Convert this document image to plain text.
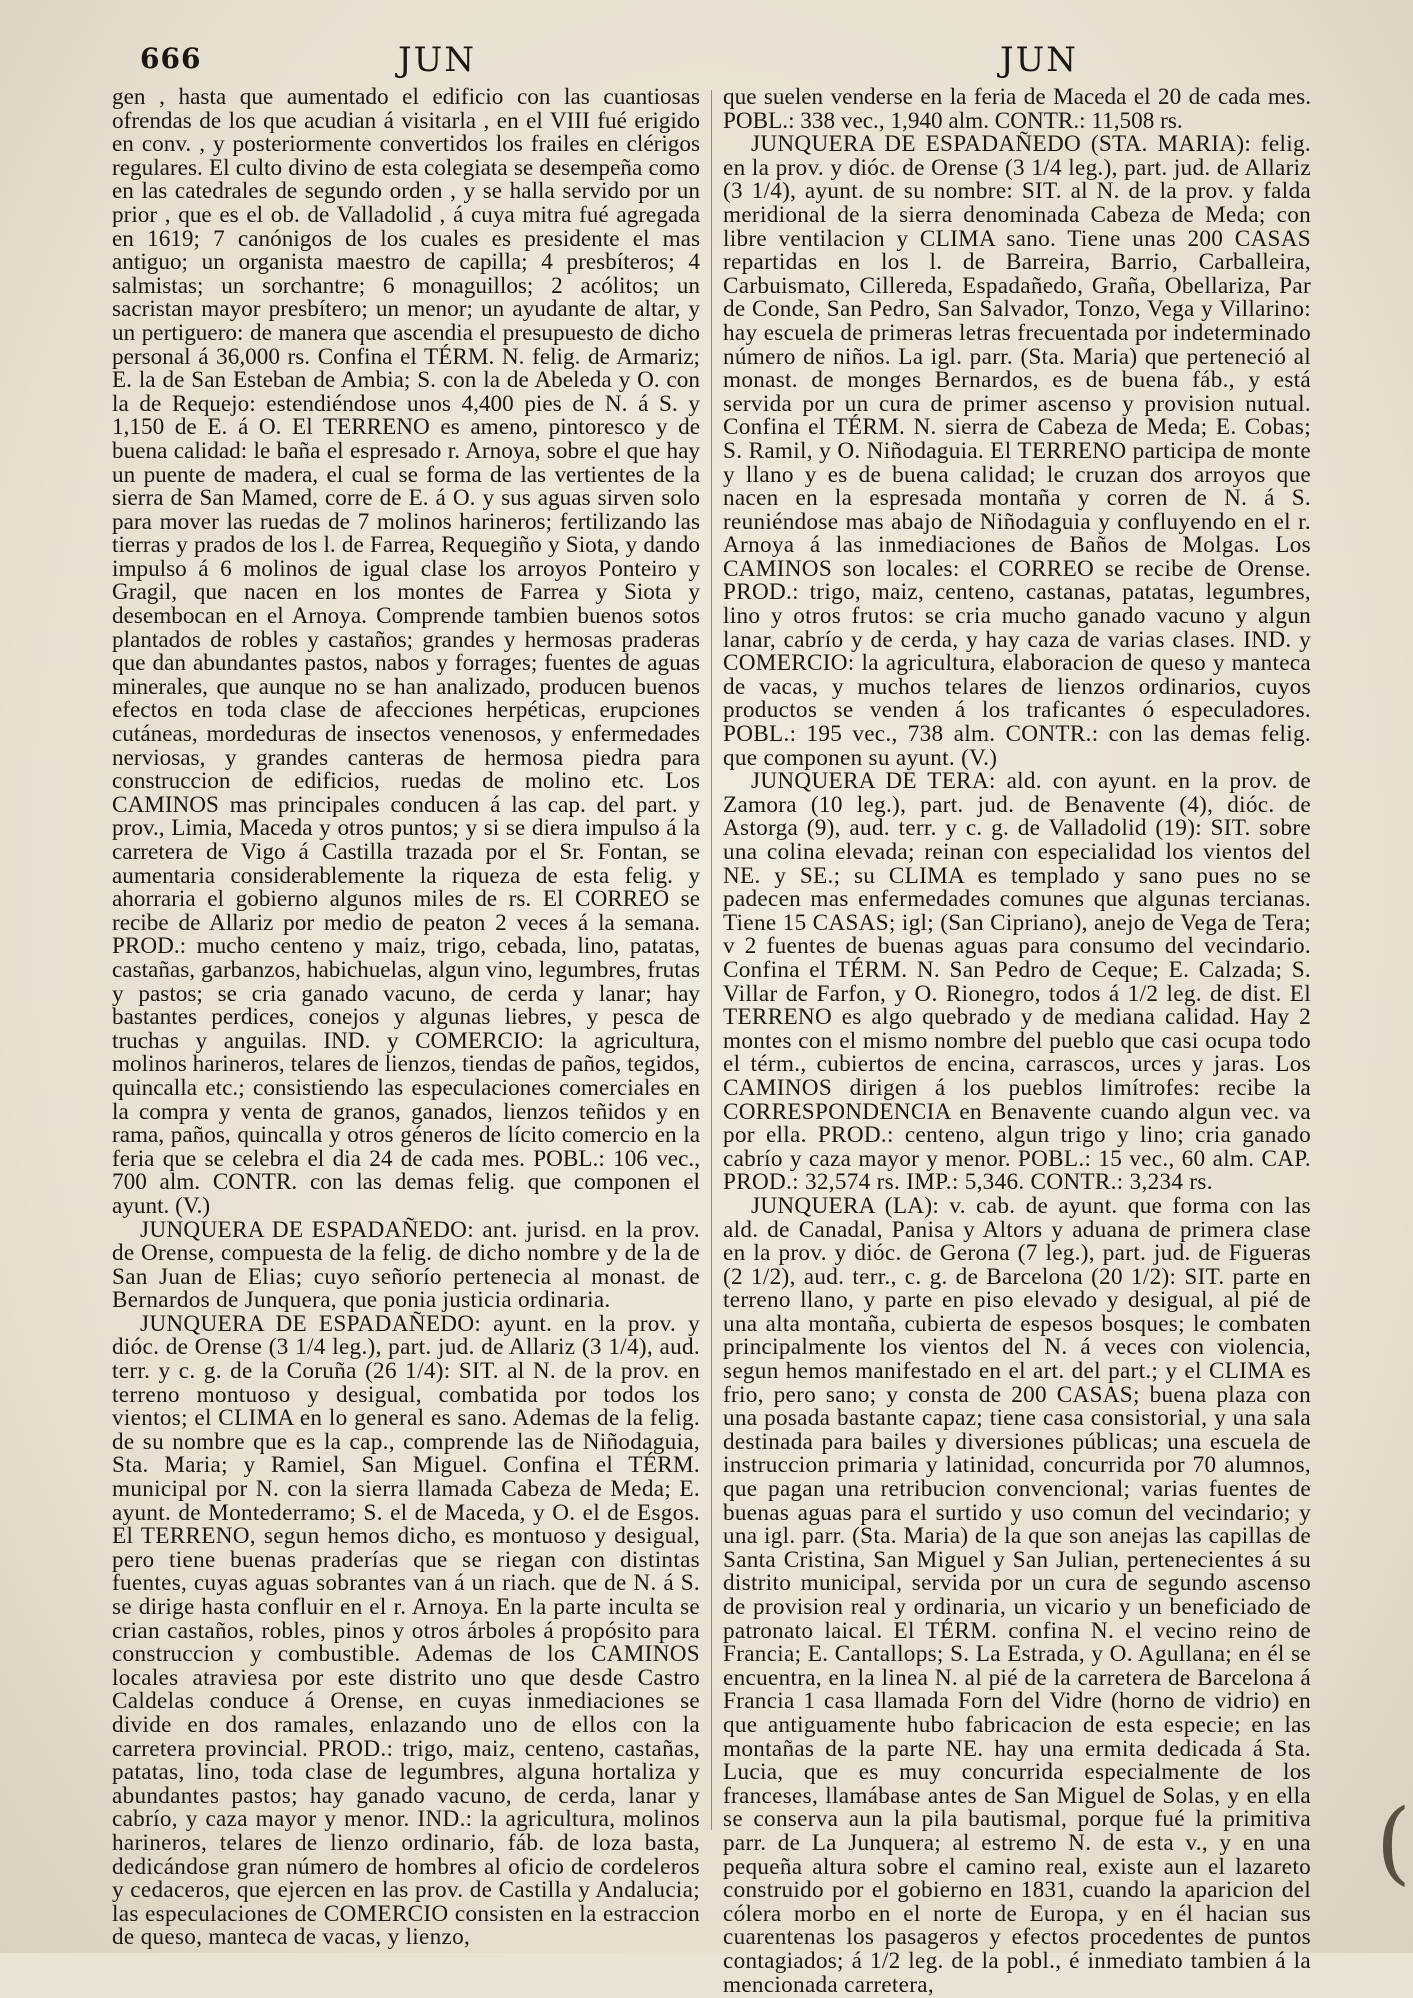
666	JUN	JUN

gen , hasta que aumentado el edificio con las cuantiosas ofrendas de los que acudian á visitarla , en el VIII fué erigido en conv. , y posteriormente convertidos los frailes en clérigos regulares. El culto divino de esta colegiata se desempeña como en las catedrales de segundo orden , y se halla servido por un prior , que es el ob. de Valladolid , á cuya mitra fué agregada en 1619; 7 canónigos de los cuales es presidente el mas antiguo; un organista maestro de capilla; 4 presbíteros; 4 salmistas; un sorchantre; 6 monaguillos; 2 acólitos; un sacristan mayor presbítero; un menor; un ayudante de altar, y un pertiguero: de manera que ascendia el presupuesto de dicho personal á 36,000 rs. Confina el TÉRM. N. felig. de Armariz; E. la de San Esteban de Ambia; S. con la de Abeleda y O. con la de Requejo: estendiéndose unos 4,400 pies de N. á S. y 1,150 de E. á O. El TERRENO es ameno, pintoresco y de buena calidad: le baña el espresado r. Arnoya, sobre el que hay un puente de madera, el cual se forma de las vertientes de la sierra de San Mamed, corre de E. á O. y sus aguas sirven solo para mover las ruedas de 7 molinos harineros; fertilizando las tierras y prados de los l. de Farrea, Requegiño y Siota, y dando impulso á 6 molinos de igual clase los arroyos Ponteiro y Gragil, que nacen en los montes de Farrea y Siota y desembocan en el Arnoya. Comprende tambien buenos sotos plantados de robles y castaños; grandes y hermosas praderas que dan abundantes pastos, nabos y forrages; fuentes de aguas minerales, que aunque no se han analizado, producen buenos efectos en toda clase de afecciones herpéticas, erupciones cutáneas, mordeduras de insectos venenosos, y enfermedades nerviosas, y grandes canteras de hermosa piedra para construccion de edificios, ruedas de molino etc. Los CAMINOS mas principales conducen á las cap. del part. y prov., Limia, Maceda y otros puntos; y si se diera impulso á la carretera de Vigo á Castilla trazada por el Sr. Fontan, se aumentaria considerablemente la riqueza de esta felig. y ahorraria el gobierno algunos miles de rs. El CORREO se recibe de Allariz por medio de peaton 2 veces á la semana. PROD.: mucho centeno y maiz, trigo, cebada, lino, patatas, castañas, garbanzos, habichuelas, algun vino, legumbres, frutas y pastos; se cria ganado vacuno, de cerda y lanar; hay bastantes perdices, conejos y algunas liebres, y pesca de truchas y anguilas. IND. y COMERCIO: la agricultura, molinos harineros, telares de lienzos, tiendas de paños, tegidos, quincalla etc.; consistiendo las especulaciones comerciales en la compra y venta de granos, ganados, lienzos teñidos y en rama, paños, quincalla y otros géneros de lícito comercio en la feria que se celebra el dia 24 de cada mes. POBL.: 106 vec., 700 alm. CONTR. con las demas felig. que componen el ayunt. (V.)

JUNQUERA DE ESPADAÑEDO: ant. jurisd. en la prov. de Orense, compuesta de la felig. de dicho nombre y de la de San Juan de Elias; cuyo señorío pertenecia al monast. de Bernardos de Junquera, que ponia justicia ordinaria.

JUNQUERA DE ESPADAÑEDO: ayunt. en la prov. y dióc. de Orense (3 1/4 leg.), part. jud. de Allariz (3 1/4), aud. terr. y c. g. de la Coruña (26 1/4): SIT. al N. de la prov. en terreno montuoso y desigual, combatida por todos los vientos; el CLIMA en lo general es sano. Ademas de la felig. de su nombre que es la cap., comprende las de Niñodaguia, Sta. Maria; y Ramiel, San Miguel. Confina el TÉRM. municipal por N. con la sierra llamada Cabeza de Meda; E. ayunt. de Montederramo; S. el de Maceda, y O. el de Esgos. El TERRENO, segun hemos dicho, es montuoso y desigual, pero tiene buenas praderías que se riegan con distintas fuentes, cuyas aguas sobrantes van á un riach. que de N. á S. se dirige hasta confluir en el r. Arnoya. En la parte inculta se crian castaños, robles, pinos y otros árboles á propósito para construccion y combustible. Ademas de los CAMINOS locales atraviesa por este distrito uno que desde Castro Caldelas conduce á Orense, en cuyas inmediaciones se divide en dos ramales, enlazando uno de ellos con la carretera provincial. PROD.: trigo, maiz, centeno, castañas, patatas, lino, toda clase de legumbres, alguna hortaliza y abundantes pastos; hay ganado vacuno, de cerda, lanar y cabrío, y caza mayor y menor. IND.: la agricultura, molinos harineros, telares de lienzo ordinario, fáb. de loza basta, dedicándose gran número de hombres al oficio de cordeleros y cedaceros, que ejercen en las prov. de Castilla y Andalucia; las especulaciones de COMERCIO consisten en la estraccion de queso, manteca de vacas, y lienzo,

que suelen venderse en la feria de Maceda el 20 de cada mes. POBL.: 338 vec., 1,940 alm. CONTR.: 11,508 rs.

JUNQUERA DE ESPADAÑEDO (STA. MARIA): felig. en la prov. y dióc. de Orense (3 1/4 leg.), part. jud. de Allariz (3 1/4), ayunt. de su nombre: SIT. al N. de la prov. y falda meridional de la sierra denominada Cabeza de Meda; con libre ventilacion y CLIMA sano. Tiene unas 200 CASAS repartidas en los l. de Barreira, Barrio, Carballeira, Carbuismato, Cillereda, Espadañedo, Graña, Obellariza, Par de Conde, San Pedro, San Salvador, Tonzo, Vega y Villarino: hay escuela de primeras letras frecuentada por indeterminado número de niños. La igl. parr. (Sta. Maria) que perteneció al monast. de monges Bernardos, es de buena fáb., y está servida por un cura de primer ascenso y provision nutual. Confina el TÉRM. N. sierra de Cabeza de Meda; E. Cobas; S. Ramil, y O. Niñodaguia. El TERRENO participa de monte y llano y es de buena calidad; le cruzan dos arroyos que nacen en la espresada montaña y corren de N. á S. reuniéndose mas abajo de Niñodaguia y confluyendo en el r. Arnoya á las inmediaciones de Baños de Molgas. Los CAMINOS son locales: el CORREO se recibe de Orense. PROD.: trigo, maiz, centeno, castanas, patatas, legumbres, lino y otros frutos: se cria mucho ganado vacuno y algun lanar, cabrío y de cerda, y hay caza de varias clases. IND. y COMERCIO: la agricultura, elaboracion de queso y manteca de vacas, y muchos telares de lienzos ordinarios, cuyos productos se venden á los traficantes ó especuladores. POBL.: 195 vec., 738 alm. CONTR.: con las demas felig. que componen su ayunt. (V.)

JUNQUERA DE TERA: ald. con ayunt. en la prov. de Zamora (10 leg.), part. jud. de Benavente (4), dióc. de Astorga (9), aud. terr. y c. g. de Valladolid (19): SIT. sobre una colina elevada; reinan con especialidad los vientos del NE. y SE.; su CLIMA es templado y sano pues no se padecen mas enfermedades comunes que algunas tercianas. Tiene 15 CASAS; igl; (San Cipriano), anejo de Vega de Tera; v 2 fuentes de buenas aguas para consumo del vecindario. Confina el TÉRM. N. San Pedro de Ceque; E. Calzada; S. Villar de Farfon, y O. Rionegro, todos á 1/2 leg. de dist. El TERRENO es algo quebrado y de mediana calidad. Hay 2 montes con el mismo nombre del pueblo que casi ocupa todo el térm., cubiertos de encina, carrascos, urces y jaras. Los CAMINOS dirigen á los pueblos limítrofes: recibe la CORRESPONDENCIA en Benavente cuando algun vec. va por ella. PROD.: centeno, algun trigo y lino; cria ganado cabrío y caza mayor y menor. POBL.: 15 vec., 60 alm. CAP. PROD.: 32,574 rs. IMP.: 5,346. CONTR.: 3,234 rs.

JUNQUERA (LA): v. cab. de ayunt. que forma con las ald. de Canadal, Panisa y Altors y aduana de primera clase en la prov. y dióc. de Gerona (7 leg.), part. jud. de Figueras (2 1/2), aud. terr., c. g. de Barcelona (20 1/2): SIT. parte en terreno llano, y parte en piso elevado y desigual, al pié de una alta montaña, cubierta de espesos bosques; le combaten principalmente los vientos del N. á veces con violencia, segun hemos manifestado en el art. del part.; y el CLIMA es frio, pero sano; y consta de 200 CASAS; buena plaza con una posada bastante capaz; tiene casa consistorial, y una sala destinada para bailes y diversiones públicas; una escuela de instruccion primaria y latinidad, concurrida por 70 alumnos, que pagan una retribucion convencional; varias fuentes de buenas aguas para el surtido y uso comun del vecindario; y una igl. parr. (Sta. Maria) de la que son anejas las capillas de Santa Cristina, San Miguel y San Julian, pertenecientes á su distrito municipal, servida por un cura de segundo ascenso de provision real y ordinaria, un vicario y un beneficiado de patronato laical. El TÉRM. confina N. el vecino reino de Francia; E. Cantallops; S. La Estrada, y O. Agullana; en él se encuentra, en la linea N. al pié de la carretera de Barcelona á Francia 1 casa llamada Forn del Vidre (horno de vidrio) en que antiguamente hubo fabricacion de esta especie; en las montañas de la parte NE. hay una ermita dedicada á Sta. Lucia, que es muy concurrida especialmente de los franceses, llamábase antes de San Miguel de Solas, y en ella se conserva aun la pila bautismal, porque fué la primitiva parr. de La Junquera; al estremo N. de esta v., y en una pequeña altura sobre el camino real, existe aun el lazareto construido por el gobierno en 1831, cuando la aparicion del cólera morbo en el norte de Europa, y en él hacian sus cuarentenas los pasageros y efectos procedentes de puntos contagiados; á 1/2 leg. de la pobl., é inmediato tambien á la mencionada carretera,

(
